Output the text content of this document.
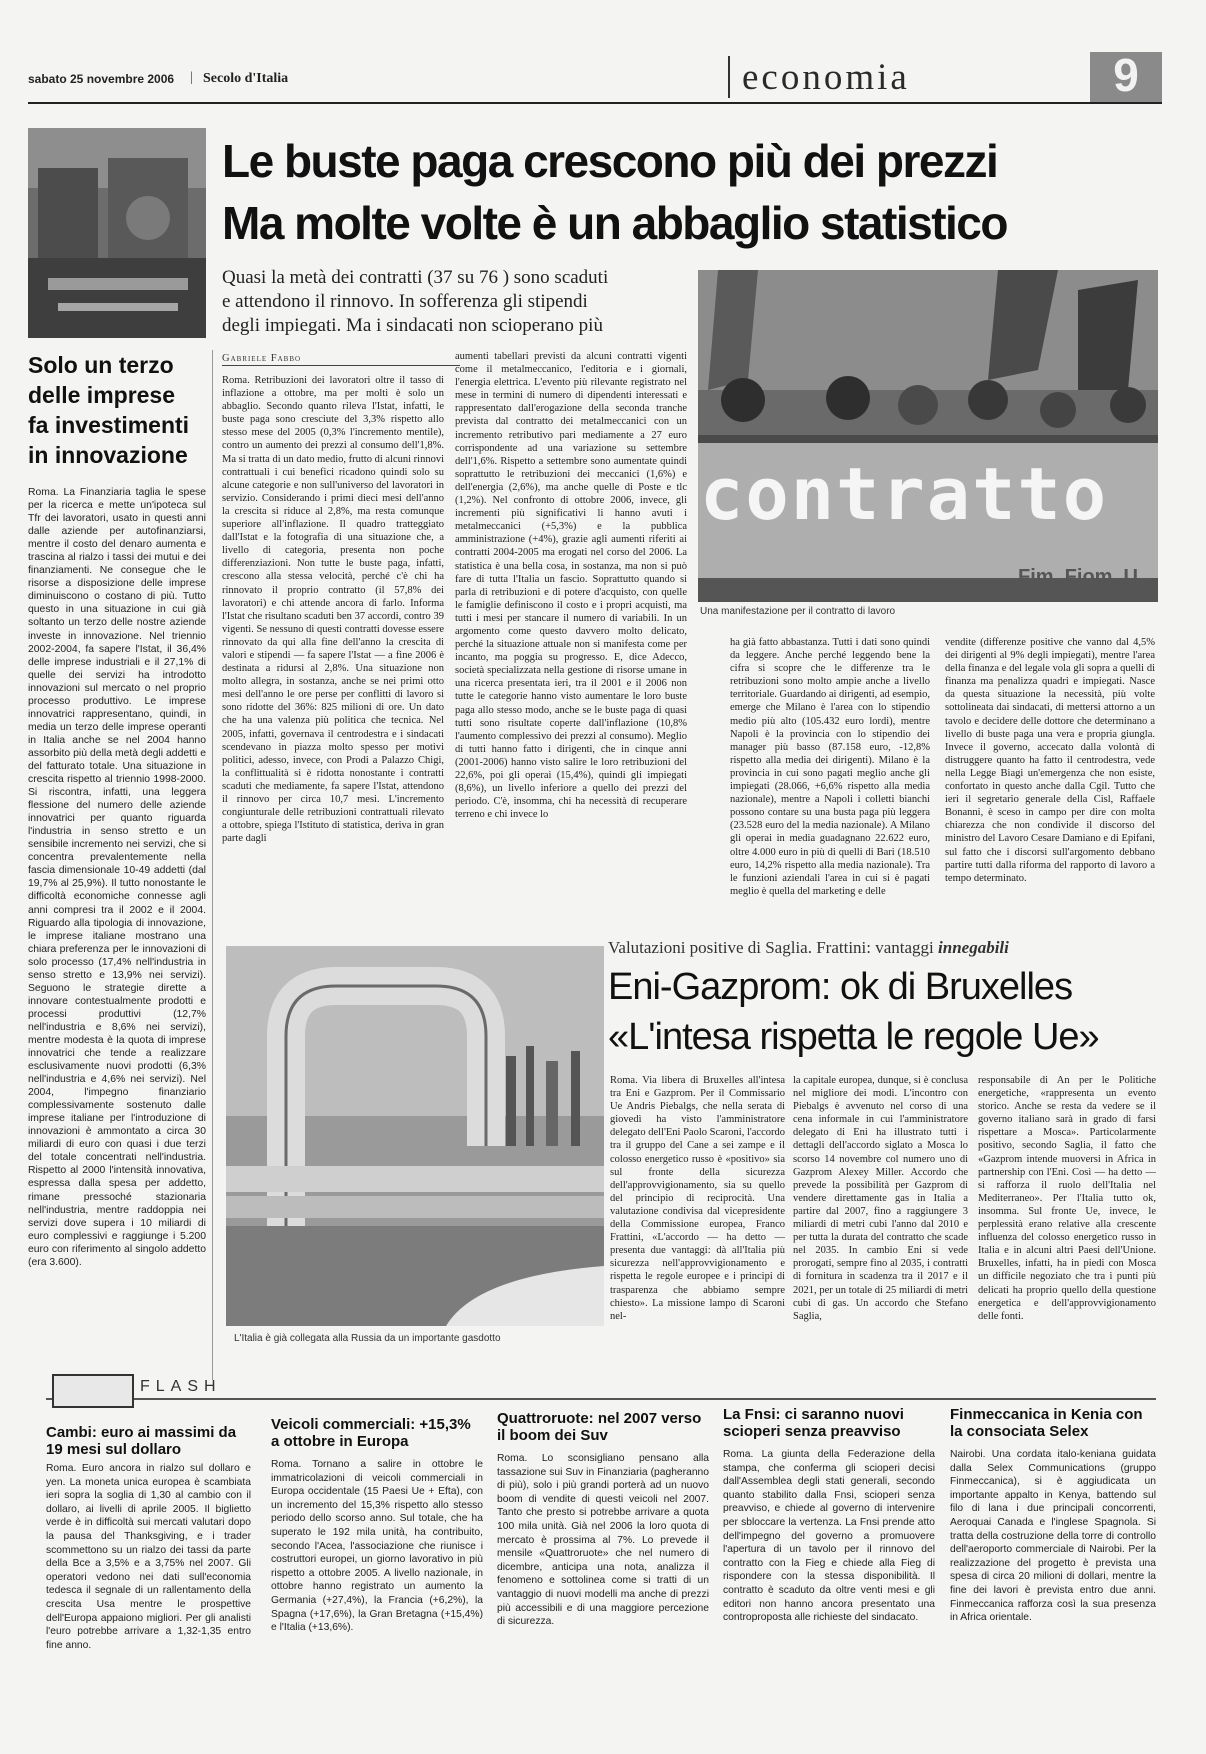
sabato 25 novembre 2006 | Secolo d'Italia	economia	9
Le buste paga crescono più dei prezzi
Ma molte volte è un abbaglio statistico
Quasi la metà dei contratti (37 su 76 ) sono scaduti
e attendono il rinnovo. In sofferenza gli stipendi
degli impiegati. Ma i sindacati non scioperano più
contratto
Fim, Fiom, U
Una manifestazione per il contratto di lavoro
Gabriele Fabbo
Roma. Retribuzioni dei lavoratori oltre il tasso di inflazione a ottobre, ma per molti è solo un abbaglio. Secondo quanto rileva l'Istat, infatti, le buste paga sono cresciute del 3,3% rispetto allo stesso mese del 2005 (0,3% l'incremento mentile), contro un aumento dei prezzi al consumo dell'1,8%. Ma si tratta di un dato medio, frutto di alcuni rinnovi contrattuali i cui benefici ricadono quindi solo su alcune categorie e non sull'universo del lavoratori in servizio. Considerando i primi dieci mesi dell'anno la crescita si riduce al 2,8%, ma resta comunque superiore all'inflazione. Il quadro tratteggiato dall'Istat e la fotografia di una situazione che, a livello di categoria, presenta non poche differenziazioni. Non tutte le buste paga, infatti, crescono alla stessa velocità, perché c'è chi ha rinnovato il proprio contratto (il 57,8% dei lavoratori) e chi attende ancora di farlo. Informa l'Istat che risultano scaduti ben 37 accordi, contro 39 vigenti. Se nessuno di questi contratti dovesse essere rinnovato da qui alla fine dell'anno la crescita di valori e stipendi — fa sapere l'Istat — a fine 2006 è destinata a ridursi al 2,8%. Una situazione non molto allegra, in sostanza, anche se nei primi otto mesi dell'anno le ore perse per conflitti di lavoro si sono ridotte del 36%: 825 milioni di ore. Un dato che ha una valenza più politica che tecnica. Nel 2005, infatti, governava il centrodestra e i sindacati scendevano in piazza molto spesso per motivi politici, adesso, invece, con Prodi a Palazzo Chigi, la conflittualità si è ridotta nonostante i contratti scaduti che mediamente, fa sapere l'Istat, attendono il rinnovo per circa 10,7 mesi. L'incremento congiunturale delle retribuzioni contrattuali rilevato a ottobre, spiega l'Istituto di statistica, deriva in gran parte dagli
aumenti tabellari previsti da alcuni contratti vigenti come il metalmeccanico, l'editoria e i giornali, l'energia elettrica. L'evento più rilevante registrato nel mese in termini di numero di dipendenti interessati e rappresentato dall'erogazione della seconda tranche prevista dal contratto dei metalmeccanici con un incremento retributivo pari mediamente a 27 euro corrispondente ad una variazione su settembre dell'1,6%. Rispetto a settembre sono aumentate quindi soprattutto le retribuzioni dei meccanici (1,6%) e dell'energia (2,6%), ma anche quelle di Poste e tlc (1,2%). Nel confronto di ottobre 2006, invece, gli incrementi più significativi li hanno avuti i metalmeccanici (+5,3%) e la pubblica amministrazione (+4%), grazie agli aumenti riferiti ai contratti 2004-2005 ma erogati nel corso del 2006. La statistica è una bella cosa, in sostanza, ma non si può fare di tutta l'Italia un fascio. Soprattutto quando si parla di retribuzioni e di potere d'acquisto, con quelle le famiglie definiscono il costo e i propri acquisti, ma tutti i mesi per stancare il numero di variabili. In un argomento come questo davvero molto delicato, perché la situazione attuale non si manifesta come per incanto, ma poggia su progresso. E, dice Adecco, società specializzata nella gestione di risorse umane in una ricerca presentata ieri, tra il 2001 e il 2006 non tutte le categorie hanno visto aumentare le loro buste paga allo stesso modo, anche se le buste paga di quasi tutti sono risultate coperte dall'inflazione (10,8% l'aumento complessivo dei prezzi al consumo). Meglio di tutti hanno fatto i dirigenti, che in cinque anni (2001-2006) hanno visto salire le loro retribuzioni del 22,6%, poi gli operai (15,4%), quindi gli impiegati (8,6%), un livello inferiore a quello dei prezzi del periodo. C'è, insomma, chi ha necessità di recuperare terreno e chi invece lo
ha già fatto abbastanza. Tutti i dati sono quindi da leggere. Anche perché leggendo bene la cifra si scopre che le differenze tra le retribuzioni sono molto ampie anche a livello territoriale. Guardando ai dirigenti, ad esempio, emerge che Milano è l'area con lo stipendio medio più alto (105.432 euro lordi), mentre Napoli è la provincia con lo stipendio dei manager più basso (87.158 euro, -12,8% rispetto alla media dei dirigenti). Milano è la provincia in cui sono pagati meglio anche gli impiegati (28.066, +6,6% rispetto alla media nazionale), mentre a Napoli i colletti bianchi possono contare su una busta paga più leggera (23.528 euro del la media nazionale). A Milano gli operai in media guadagnano 22.622 euro, oltre 4.000 euro in più di quelli di Bari (18.510 euro, 14,2% rispetto alla media nazionale). Tra le funzioni aziendali l'area in cui si è pagati meglio è quella del marketing e delle
vendite (differenze positive che vanno dal 4,5% dei dirigenti al 9% degli impiegati), mentre l'area della finanza e del legale vola gli sopra a quelli di finanza ma penalizza quadri e impiegati. Nasce da questa situazione la necessità, più volte sottolineata dai sindacati, di mettersi attorno a un tavolo e decidere delle dottore che determinano a livello di buste paga una vera e propria giungla. Invece il governo, accecato dalla volontà di distruggere quanto ha fatto il centrodestra, vede nella Legge Biagi un'emergenza che non esiste, confortato in questo anche dalla Cgil. Tutto che ieri il segretario generale della Cisl, Raffaele Bonanni, è sceso in campo per dire con molta chiarezza che non condivide il discorso del ministro del Lavoro Cesare Damiano e di Epifani, sul fatto che i discorsi sull'argomento debbano partire tutti dalla riforma del rapporto di lavoro a tempo determinato.
Solo un terzo
delle imprese
fa investimenti
in innovazione
Roma. La Finanziaria taglia le spese per la ricerca e mette un'ipoteca sul Tfr dei lavoratori, usato in questi anni dalle aziende per autofinanziarsi, mentre il costo del denaro aumenta e trascina al rialzo i tassi dei mutui e dei finanziamenti. Ne consegue che le risorse a disposizione delle imprese diminuiscono o costano di più. Tutto questo in una situazione in cui già soltanto un terzo delle nostre aziende investe in innovazione. Nel triennio 2002-2004, fa sapere l'Istat, il 36,4% delle imprese industriali e il 27,1% di quelle dei servizi ha introdotto innovazioni sul mercato o nel proprio processo produttivo. Le imprese innovatrici rappresentano, quindi, in media un terzo delle imprese operanti in Italia anche se nel 2004 hanno assorbito più della metà degli addetti e del fatturato totale. Una situazione in crescita rispetto al triennio 1998-2000. Si riscontra, infatti, una leggera flessione del numero delle aziende innovatrici per quanto riguarda l'industria in senso stretto e un sensibile incremento nei servizi, che si concentra prevalentemente nella fascia dimensionale 10-49 addetti (dal 19,7% al 25,9%). Il tutto nonostante le difficoltà economiche connesse agli anni compresi tra il 2002 e il 2004. Riguardo alla tipologia di innovazione, le imprese italiane mostrano una chiara preferenza per le innovazioni di solo processo (17,4% nell'industria in senso stretto e 13,9% nei servizi). Seguono le strategie dirette a innovare contestualmente prodotti e processi produttivi (12,7% nell'industria e 8,6% nei servizi), mentre modesta è la quota di imprese innovatrici che tende a realizzare esclusivamente nuovi prodotti (6,3% nell'industria e 4,6% nei servizi). Nel 2004, l'impegno finanziario complessivamente sostenuto dalle imprese italiane per l'introduzione di innovazioni è ammontato a circa 30 miliardi di euro con quasi i due terzi del totale concentrati nell'industria. Rispetto al 2000 l'intensità innovativa, espressa dalla spesa per addetto, rimane pressoché stazionaria nell'industria, mentre raddoppia nei servizi dove supera i 10 miliardi di euro complessivi e raggiunge i 5.200 euro con riferimento al singolo addetto (era 3.600).
L'Italia è già collegata alla Russia da un importante gasdotto
Valutazioni positive di Saglia. Frattini: vantaggi innegabili
Eni-Gazprom: ok di Bruxelles
«L'intesa rispetta le regole Ue»
Roma. Via libera di Bruxelles all'intesa tra Eni e Gazprom. Per il Commissario Ue Andris Piebalgs, che nella serata di giovedì ha visto l'amministratore delegato dell'Eni Paolo Scaroni, l'accordo tra il gruppo del Cane a sei zampe e il colosso energetico russo è «positivo» sia sul fronte della sicurezza dell'approvvigionamento, sia su quello del principio di reciprocità. Una valutazione condivisa dal vicepresidente della Commissione europea, Franco Frattini, «L'accordo — ha detto — presenta due vantaggi: dà all'Italia più sicurezza nell'approvvigionamento e rispetta le regole europee e i principi di trasparenza che abbiamo sempre chiesto». La missione lampo di Scaroni nel-
la capitale europea, dunque, si è conclusa nel migliore dei modi. L'incontro con Piebalgs è avvenuto nel corso di una cena informale in cui l'amministratore delegato di Eni ha illustrato tutti i dettagli dell'accordo siglato a Mosca lo scorso 14 novembre col numero uno di Gazprom Alexey Miller. Accordo che prevede la possibilità per Gazprom di vendere direttamente gas in Italia a partire dal 2007, fino a raggiungere 3 miliardi di metri cubi l'anno dal 2010 e per tutta la durata del contratto che scade nel 2035. In cambio Eni si vede prorogati, sempre fino al 2035, i contratti di fornitura in scadenza tra il 2017 e il 2021, per un totale di 25 miliardi di metri cubi di gas. Un accordo che Stefano Saglia,
responsabile di An per le Politiche energetiche, «rappresenta un evento storico. Anche se resta da vedere se il governo italiano sarà in grado di farsi rispettare a Mosca». Particolarmente positivo, secondo Saglia, il fatto che «Gazprom intende muoversi in Africa in partnership con l'Eni. Così — ha detto — si rafforza il ruolo dell'Italia nel Mediterraneo». Per l'Italia tutto ok, insomma. Sul fronte Ue, invece, le perplessità erano relative alla crescente influenza del colosso energetico russo in Italia e in alcuni altri Paesi dell'Unione. Bruxelles, infatti, ha in piedi con Mosca un difficile negoziato che tra i punti più delicati ha proprio quello della questione energetica e dell'approvvigionamento delle fonti.
FLASH
Cambi: euro ai massimi da 19 mesi sul dollaro
Roma. Euro ancora in rialzo sul dollaro e yen. La moneta unica europea è scambiata ieri sopra la soglia di 1,30 al cambio con il dollaro, ai livelli di aprile 2005. Il biglietto verde è in difficoltà sui mercati valutari dopo la pausa del Thanksgiving, e i trader scommettono su un rialzo dei tassi da parte della Bce a 3,5% e a 3,75% nel 2007. Gli operatori vedono nei dati sull'economia tedesca il segnale di un rallentamento della crescita Usa mentre le prospettive dell'Europa appaiono migliori. Per gli analisti l'euro potrebbe arrivare a 1,32-1,35 entro fine anno.
Veicoli commerciali: +15,3% a ottobre in Europa
Roma. Tornano a salire in ottobre le immatricolazioni di veicoli commerciali in Europa occidentale (15 Paesi Ue + Efta), con un incremento del 15,3% rispetto allo stesso periodo dello scorso anno. Sul totale, che ha superato le 192 mila unità, ha contribuito, secondo l'Acea, l'associazione che riunisce i costruttori europei, un giorno lavorativo in più rispetto a ottobre 2005. A livello nazionale, in ottobre hanno registrato un aumento la Germania (+27,4%), la Francia (+6,2%), la Spagna (+17,6%), la Gran Bretagna (+15,4%) e l'Italia (+13,6%).
Quattroruote: nel 2007 verso il boom dei Suv
Roma. Lo sconsigliano pensano alla tassazione sui Suv in Finanziaria (pagheranno di più), solo i più grandi porterà ad un nuovo boom di vendite di questi veicoli nel 2007. Tanto che presto si potrebbe arrivare a quota 100 mila unità. Già nel 2006 la loro quota di mercato è prossima al 7%. Lo prevede il mensile «Quattroruote» che nel numero di dicembre, anticipa una nota, analizza il fenomeno e sottolinea come si tratti di un vantaggio di nuovi modelli ma anche di prezzi più accessibili e di una maggiore percezione di sicurezza.
La Fnsi: ci saranno nuovi scioperi senza preavviso
Roma. La giunta della Federazione della stampa, che conferma gli scioperi decisi dall'Assemblea degli stati generali, secondo quanto stabilito dalla Fnsi, scioperi senza preavviso, e chiede al governo di intervenire per sbloccare la vertenza. La Fnsi prende atto dell'impegno del governo a promuovere l'apertura di un tavolo per il rinnovo del contratto con la Fieg e chiede alla Fieg di rispondere con la stessa disponibilità. Il contratto è scaduto da oltre venti mesi e gli editori non hanno ancora presentato una controproposta alle richieste del sindacato.
Finmeccanica in Kenia con la consociata Selex
Nairobi. Una cordata italo-keniana guidata dalla Selex Communications (gruppo Finmeccanica), si è aggiudicata un importante appalto in Kenya, battendo sul filo di lana i due principali concorrenti, Aeroquai Canada e l'inglese Spagnola. Si tratta della costruzione della torre di controllo dell'aeroporto commerciale di Nairobi. Per la realizzazione del progetto è prevista una spesa di circa 20 milioni di dollari, mentre la fine dei lavori è prevista entro due anni. Finmeccanica rafforza così la sua presenza in Africa orientale.
